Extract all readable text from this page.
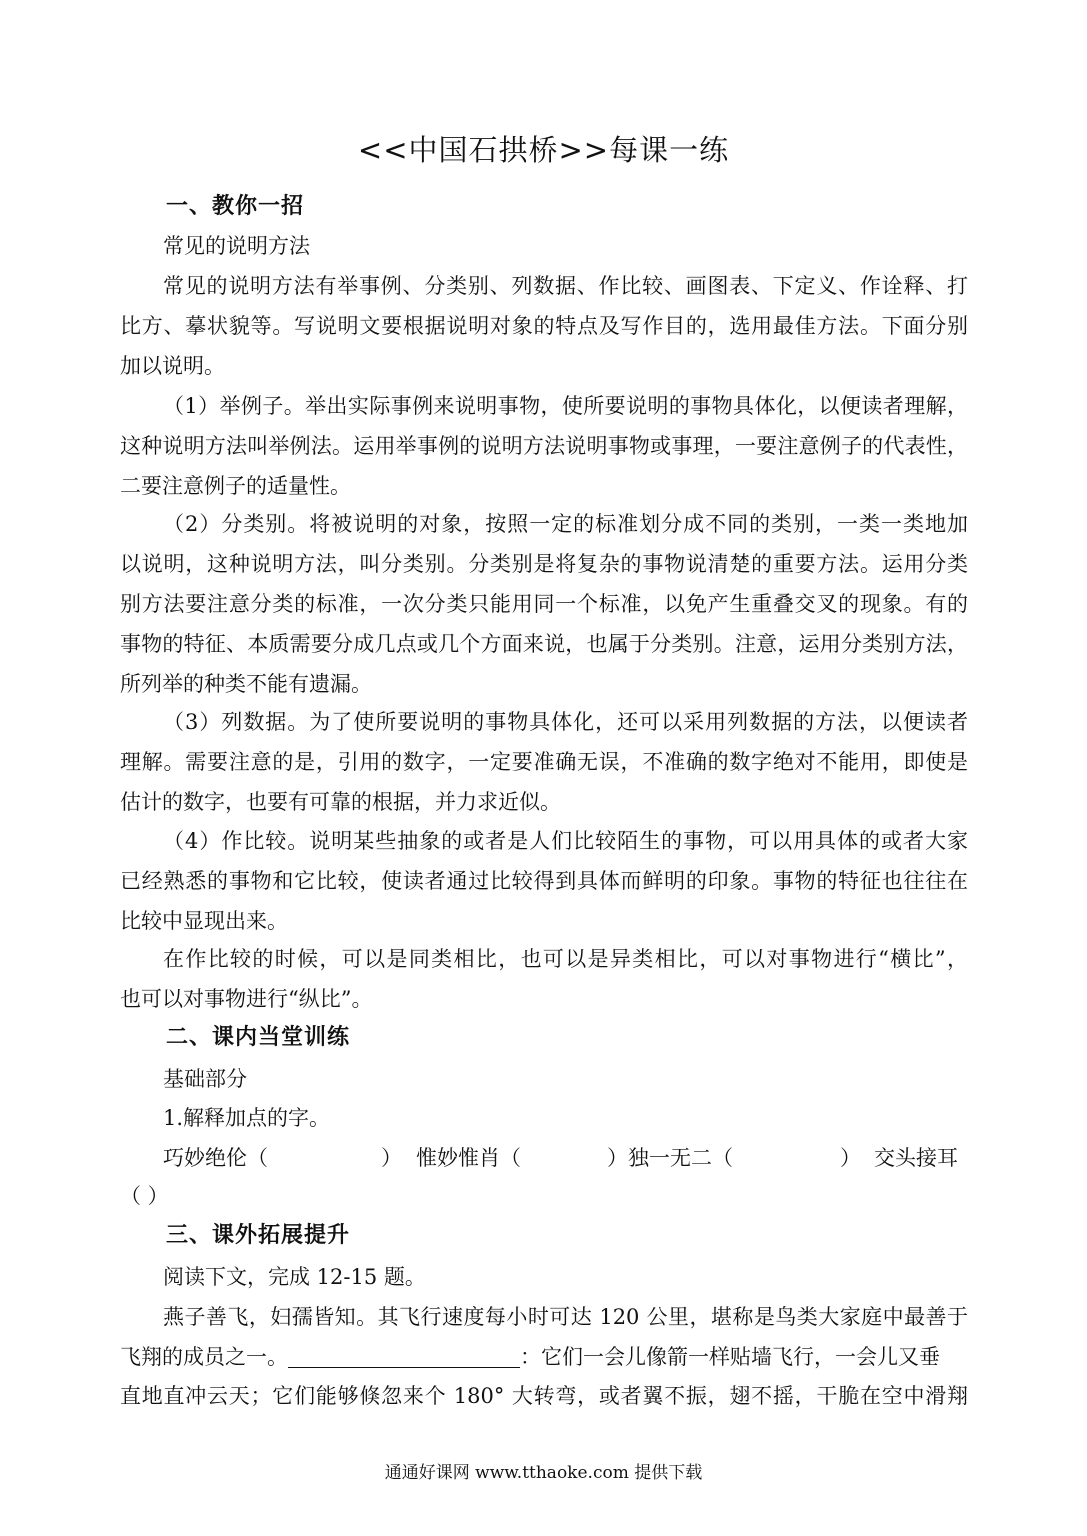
<<中国石拱桥>>每课一练
一、教你一招
常见的说明方法
常见的说明方法有举事例、分类别、列数据、作比较、画图表、下定义、作诠释、打
比方、摹状貌等。写说明文要根据说明对象的特点及写作目的，选用最佳方法。下面分别
加以说明。
（1）举例子。举出实际事例来说明事物，使所要说明的事物具体化，以便读者理解，
这种说明方法叫举例法。运用举事例的说明方法说明事物或事理，一要注意例子的代表性，
二要注意例子的适量性。
（2）分类别。将被说明的对象，按照一定的标准划分成不同的类别，一类一类地加
以说明，这种说明方法，叫分类别。分类别是将复杂的事物说清楚的重要方法。运用分类
别方法要注意分类的标准，一次分类只能用同一个标准，以免产生重叠交叉的现象。有的
事物的特征、本质需要分成几点或几个方面来说，也属于分类别。注意，运用分类别方法，
所列举的种类不能有遗漏。
（3）列数据。为了使所要说明的事物具体化，还可以采用列数据的方法，以便读者
理解。需要注意的是，引用的数字，一定要准确无误，不准确的数字绝对不能用，即使是
估计的数字，也要有可靠的根据，并力求近似。
（4）作比较。说明某些抽象的或者是人们比较陌生的事物，可以用具体的或者大家
已经熟悉的事物和它比较，使读者通过比较得到具体而鲜明的印象。事物的特征也往往在
比较中显现出来。
在作比较的时候，可以是同类相比，也可以是异类相比，可以对事物进行“横比”，
也可以对事物进行“纵比”。
二、课内当堂训练
基础部分
1.解释加点的字。
巧妙绝伦（	） 惟妙惟肖（	）独一无二（	） 交头接耳
（ ）
三、课外拓展提升
阅读下文，完成 12-15 题。
燕子善飞，妇孺皆知。其飞行速度每小时可达 120 公里，堪称是鸟类大家庭中最善于
飞翔的成员之一。	：它们一会儿像箭一样贴墙飞行，一会儿又垂
直地直冲云天；它们能够倏忽来个 180° 大转弯，或者翼不振，翅不摇，干脆在空中滑翔
通通好课网 www.tthaoke.com 提供下载
